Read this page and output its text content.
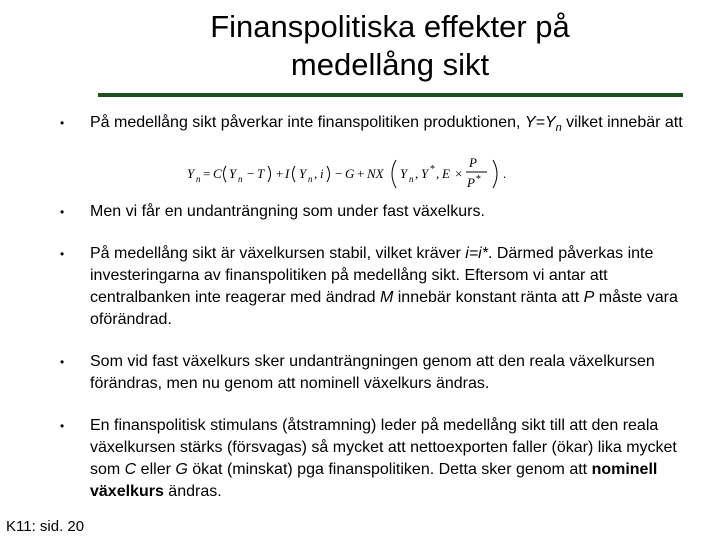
Finanspolitiska effekter på
medellång sikt
• På medellång sikt påverkar inte finanspolitiken produktionen, $Y=Y_n$ vilket innebär att
• Men vi får en undanträngning som under fast växelkurs.
• På medellång sikt är växelkursen stabil, vilket kräver i=i*. Därmed påverkas inte investeringarna av finanspolitiken på medellång sikt. Eftersom vi antar att centralbanken inte reagerar med ändrad M innebär konstant ränta att P måste vara oförändrad.
• Som vid fast växelkurs sker undanträngningen genom att den reala växelkursen förändras, men nu genom att nominell växelkurs ändras.
• En finanspolitisk stimulans (åtstramning) leder på medellång sikt till att den reala växelkursen stärks (försvagas) så mycket att nettoexporten faller (ökar) lika mycket som C eller G ökat (minskat) pga finanspolitiken. Detta sker genom att nominell växelkurs ändras.
Y n = C Y n − T + I Y n , i − G + NX Y n , Y * , E ×
P
P * .
K11: sid. 20
